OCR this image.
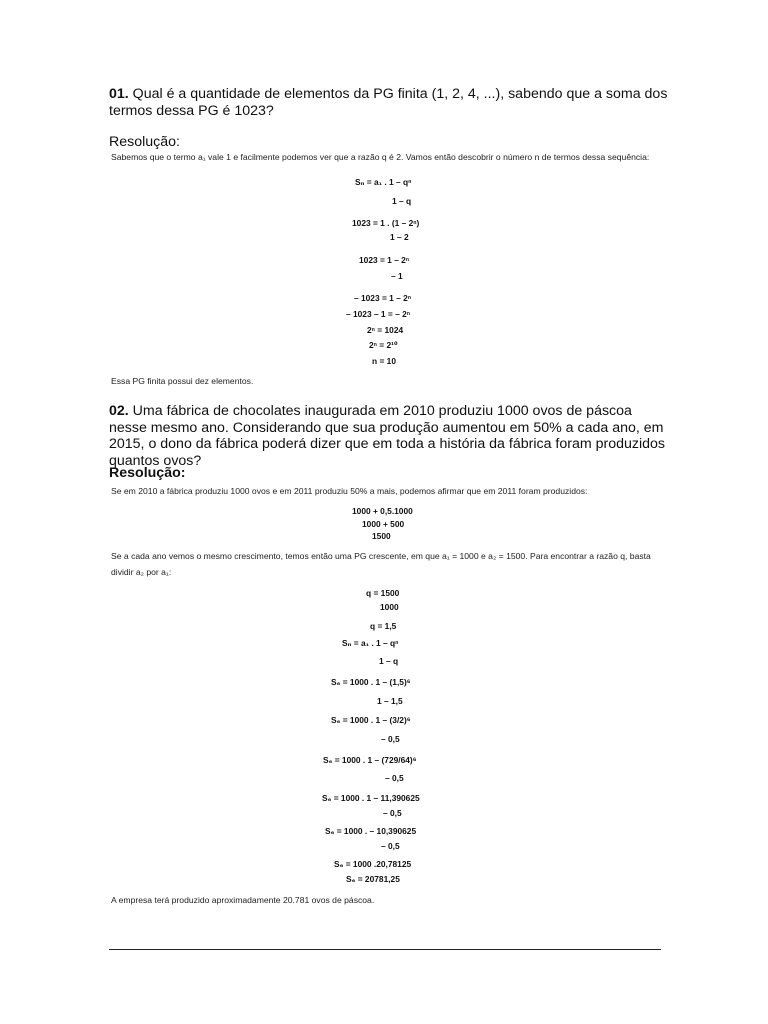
01. Qual é a quantidade de elementos da PG finita (1, 2, 4, ...), sabendo que a soma dos termos dessa PG é 1023?
Resolução:
Sabemos que o termo a₁ vale 1 e facilmente podemos ver que a razão q é 2. Vamos então descobrir o número n de termos dessa sequência:
Sₙ = a₁ . 1 – qⁿ
1 – q
1023 = 1 . (1 – 2ⁿ)
1 – 2
1023 = 1 – 2ⁿ
– 1
– 1023 = 1 – 2ⁿ
– 1023 – 1 = – 2ⁿ
2ⁿ = 1024
2ⁿ = 2¹⁰
n = 10
Essa PG finita possui dez elementos.
02. Uma fábrica de chocolates inaugurada em 2010 produziu 1000 ovos de páscoa nesse mesmo ano. Considerando que sua produção aumentou em 50% a cada ano, em 2015, o dono da fábrica poderá dizer que em toda a história da fábrica foram produzidos quantos ovos?
Resolução:
Se em 2010 a fábrica produziu 1000 ovos e em 2011 produziu 50% a mais, podemos afirmar que em 2011 foram produzidos:
1000 + 0,5.1000
1000 + 500
1500
Se a cada ano vemos o mesmo crescimento, temos então uma PG crescente, em que a₁ = 1000 e a₂ = 1500. Para encontrar a razão q, basta
dividir a₂ por a₁:
q = 1500
1000
q = 1,5
Sₙ = a₁ . 1 – qⁿ
1 – q
S₆ = 1000 . 1 – (1,5)⁶
1 – 1,5
S₆ = 1000 . 1 – (3/2)⁶
– 0,5
S₆ = 1000 . 1 – (729/64)⁶
– 0,5
S₆ = 1000 . 1 – 11,390625
– 0,5
S₆ = 1000 . – 10,390625
– 0,5
S₆ = 1000 .20,78125
S₆ = 20781,25
A empresa terá produzido aproximadamente 20.781 ovos de páscoa.
